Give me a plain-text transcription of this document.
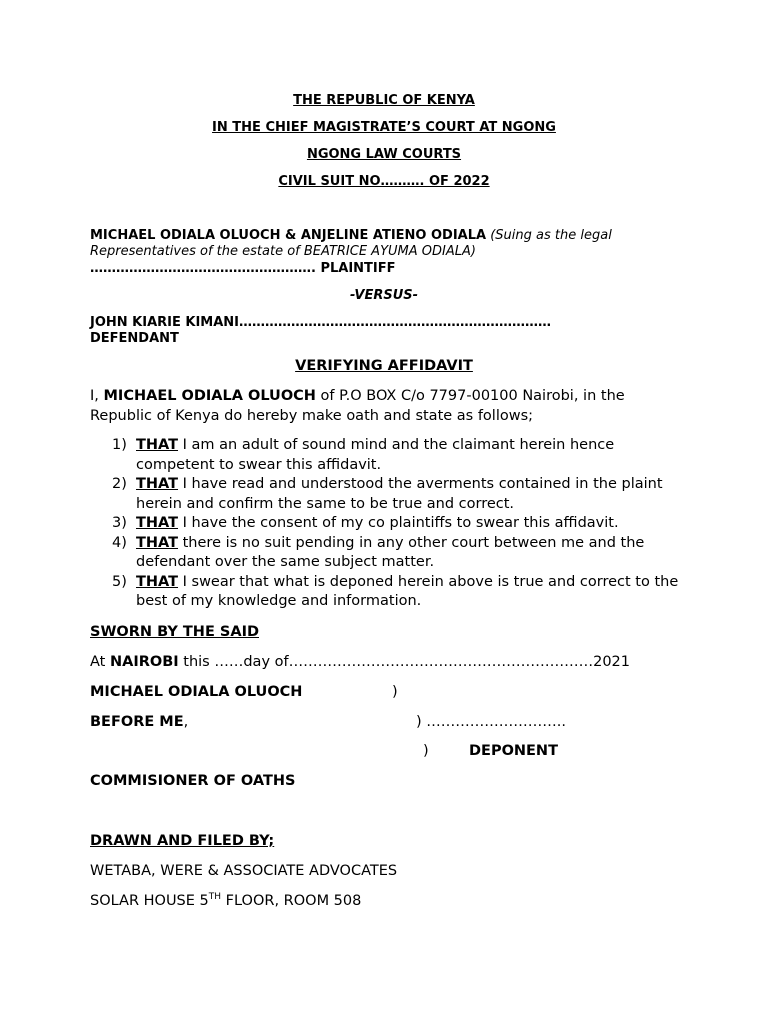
THE REPUBLIC OF KENYA
IN THE CHIEF MAGISTRATE’S COURT AT NGONG
NGONG LAW COURTS
CIVIL SUIT NO………. OF 2022
MICHAEL ODIALA OLUOCH & ANJELINE ATIENO ODIALA (Suing as the legal Representatives of the estate of BEATRICE AYUMA ODIALA)
……………………………………………. PLAINTIFF
-VERSUS-
JOHN KIARIE KIMANI……………………………………………………………… DEFENDANT
VERIFYING AFFIDAVIT
I, MICHAEL ODIALA OLUOCH of P.O BOX C/o 7797-00100 Nairobi, in the Republic of Kenya do hereby make oath and state as follows;
1) THAT I am an adult of sound mind and the claimant herein hence competent to swear this affidavit.
2) THAT I have read and understood the averments contained in the plaint herein and confirm the same to be true and correct.
3) THAT I have the consent of my co plaintiffs to swear this affidavit.
4) THAT there is no suit pending in any other court between me and the defendant over the same subject matter.
5) THAT I swear that what is deponed herein above is true and correct to the best of my knowledge and information.
SWORN BY THE SAID
At NAIROBI this ……day of………………………………………………………2021
MICHAEL ODIALA OLUOCH	)
BEFORE ME,	) ………………………..
)	DEPONENT
COMMISIONER OF OATHS
DRAWN AND FILED BY;
WETABA, WERE & ASSOCIATE ADVOCATES
SOLAR HOUSE 5TH FLOOR, ROOM 508
